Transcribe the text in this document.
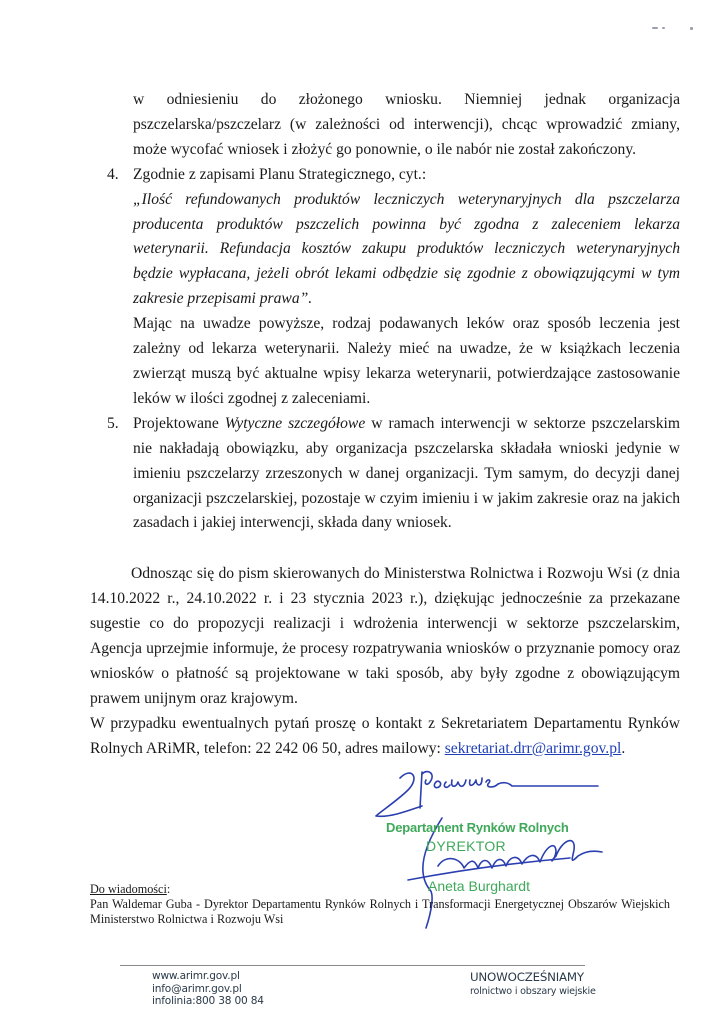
w odniesieniu do złożonego wniosku. Niemniej jednak organizacja pszczelarska/pszczelarz (w zależności od interwencji), chcąc wprowadzić zmiany, może wycofać wniosek i złożyć go ponownie, o ile nabór nie został zakończony.

4. Zgodnie z zapisami Planu Strategicznego, cyt.:

„Ilość refundowanych produktów leczniczych weterynaryjnych dla pszczelarza producenta produktów pszczelich powinna być zgodna z zaleceniem lekarza weterynarii. Refundacja kosztów zakupu produktów leczniczych weterynaryjnych będzie wypłacana, jeżeli obrót lekami odbędzie się zgodnie z obowiązującymi w tym zakresie przepisami prawa”.

Mając na uwadze powyższe, rodzaj podawanych leków oraz sposób leczenia jest zależny od lekarza weterynarii. Należy mieć na uwadze, że w książkach leczenia zwierząt muszą być aktualne wpisy lekarza weterynarii, potwierdzające zastosowanie leków w ilości zgodnej z zaleceniami.

5. Projektowane Wytyczne szczegółowe w ramach interwencji w sektorze pszczelarskim nie nakładają obowiązku, aby organizacja pszczelarska składała wnioski jedynie w imieniu pszczelarzy zrzeszonych w danej organizacji. Tym samym, do decyzji danej organizacji pszczelarskiej, pozostaje w czyim imieniu i w jakim zakresie oraz na jakich zasadach i jakiej interwencji, składa dany wniosek.

Odnosząc się do pism skierowanych do Ministerstwa Rolnictwa i Rozwoju Wsi (z dnia 14.10.2022 r., 24.10.2022 r. i 23 stycznia 2023 r.), dziękując jednocześnie za przekazane sugestie co do propozycji realizacji i wdrożenia interwencji w sektorze pszczelarskim, Agencja uprzejmie informuje, że procesy rozpatrywania wniosków o przyznanie pomocy oraz wniosków o płatność są projektowane w taki sposób, aby były zgodne z obowiązującym prawem unijnym oraz krajowym.

W przypadku ewentualnych pytań proszę o kontakt z Sekretariatem Departamentu Rynków Rolnych ARiMR, telefon: 22 242 06 50, adres mailowy: sekretariat.drr@arimr.gov.pl.

Departament Rynków Rolnych
DYREKTOR
Aneta Burghardt
Do wiadomości:
Pan Waldemar Guba - Dyrektor Departamentu Rynków Rolnych i Transformacji Energetycznej Obszarów Wiejskich Ministerstwo Rolnictwa i Rozwoju Wsi
www.arimr.gov.pl
info@arimr.gov.pl
infolinia:800 38 00 84
UNOWOCZEŚNIAMY
rolnictwo i obszary wiejskie
